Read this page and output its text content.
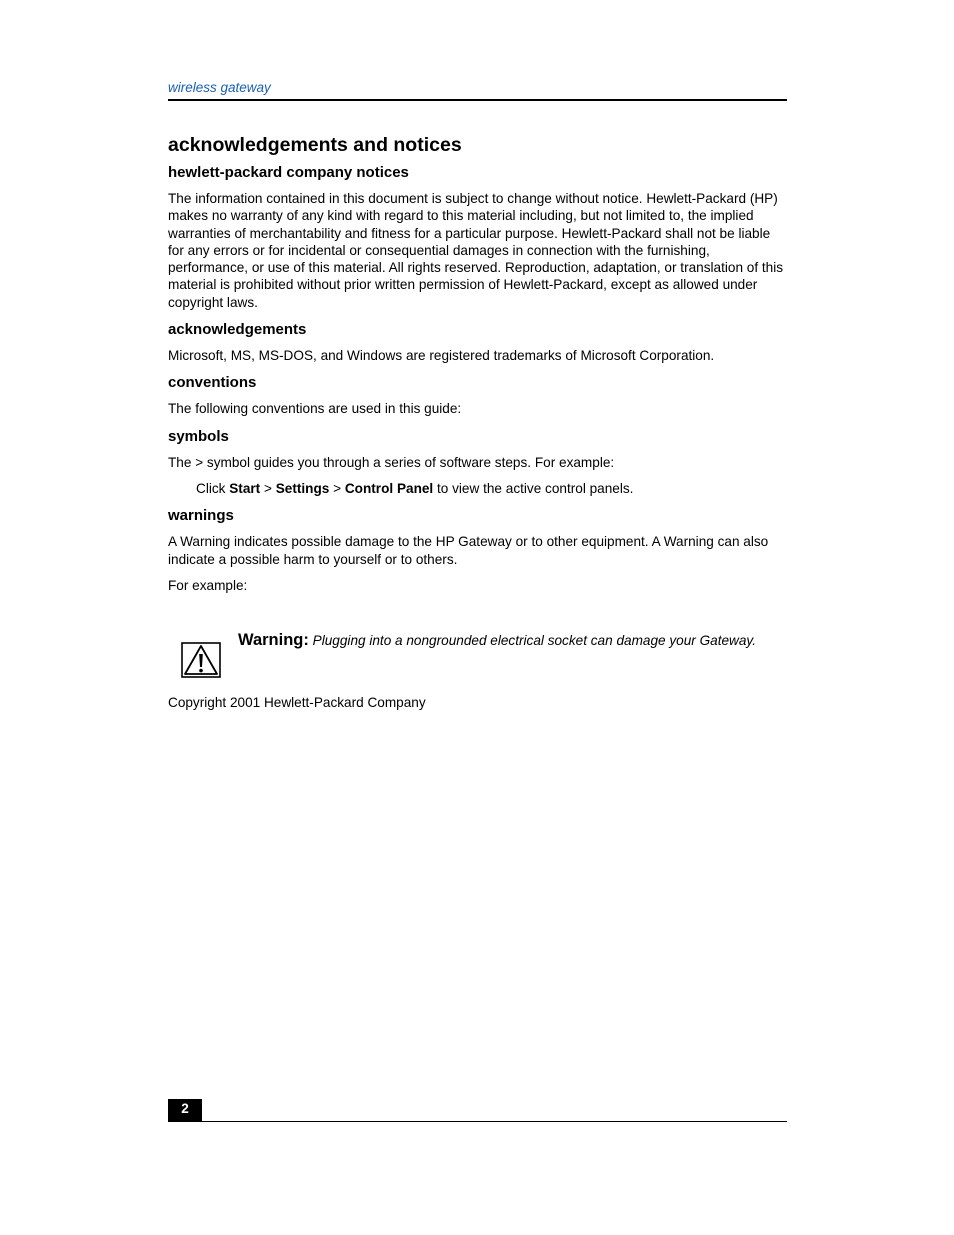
wireless gateway
acknowledgements and notices
hewlett-packard company notices

The information contained in this document is subject to change without notice. Hewlett-Packard (HP) makes no warranty of any kind with regard to this material including, but not limited to, the implied warranties of merchantability and fitness for a particular purpose. Hewlett-Packard shall not be liable for any errors or for incidental or consequential damages in connection with the furnishing, performance, or use of this material. All rights reserved. Reproduction, adaptation, or translation of this material is prohibited without prior written permission of Hewlett-Packard, except as allowed under copyright laws.

acknowledgements

Microsoft, MS, MS-DOS, and Windows are registered trademarks of Microsoft Corporation.

conventions

The following conventions are used in this guide:

symbols

The > symbol guides you through a series of software steps. For example:

Click Start > Settings > Control Panel to view the active control panels.

warnings

A Warning indicates possible damage to the HP Gateway or to other equipment. A Warning can also indicate a possible harm to yourself or to others.

For example:

Warning: Plugging into a nongrounded electrical socket can damage your Gateway.

Copyright 2001 Hewlett-Packard Company

2
